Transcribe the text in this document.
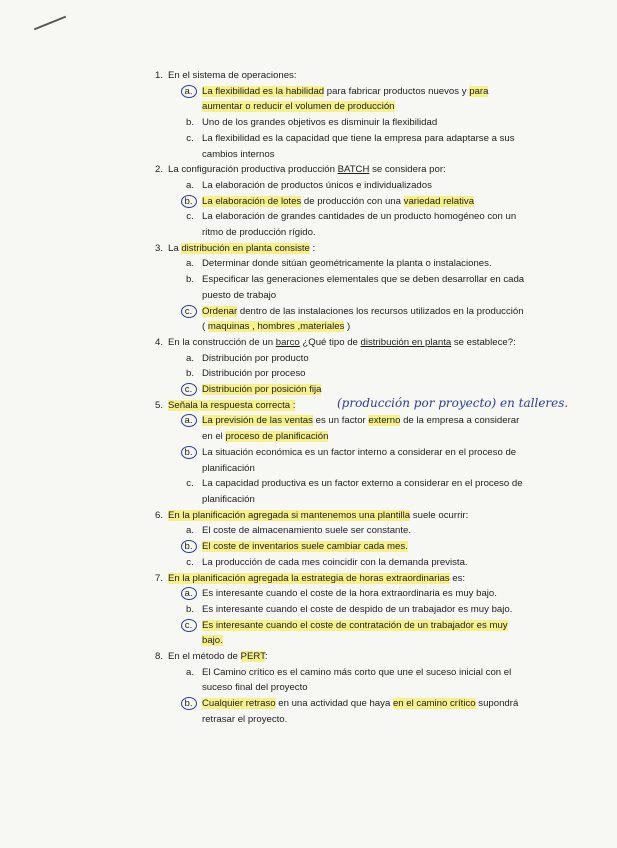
1. En el sistema de operaciones:
a. La flexibilidad es la habilidad para fabricar productos nuevos y para aumentar o reducir el volumen de producción
b. Uno de los grandes objetivos es disminuir la flexibilidad
c. La flexibilidad es la capacidad que tiene la empresa para adaptarse a sus cambios internos
2. La configuración productiva producción BATCH se considera por:
a. La elaboración de productos únicos e individualizados
b. La elaboración de lotes de producción con una variedad relativa
c. La elaboración de grandes cantidades de un producto homogéneo con un ritmo de producción rígido.
3. La distribución en planta consiste :
a. Determinar donde sitúan geométricamente la planta o instalaciones.
b. Especificar las generaciones elementales que se deben desarrollar en cada puesto de trabajo
c.	Ordenar dentro de las instalaciones los recursos utilizados en la producción ( maquinas , hombres ,materiales )
4. En la construcción de un barco ¿Qué tipo de distribución en planta se establece?:
a. Distribución por producto
b. Distribución por proceso
c.	Distribución por posición fija
5. Señala la respuesta correcta :
a. La previsión de las ventas es un factor externo de la empresa a considerar en el proceso de planificación
b. La situación económica es un factor interno a considerar en el proceso de planificación
c. La capacidad productiva es un factor externo a considerar en el proceso de planificación
6. En la planificación agregada si mantenemos una plantilla suele ocurrir:
a. El coste de almacenamiento suele ser constante.
b. El coste de inventarios suele cambiar cada mes.
c. La producción de cada mes coincidir con la demanda prevista.
7. En la planificación agregada la estrategia de horas extraordinarias es:
a. Es interesante cuando el coste de la hora extraordinaria es muy bajo.
b. Es interesante cuando el coste de despido de un trabajador es muy bajo.
c.	Es interesante cuando el coste de contratación de un trabajador es muy bajo.
8. En el método de PERT:
a. El Camino crítico es el camino más corto que une el suceso inicial con el suceso final del proyecto
b. Cualquier retraso en una actividad que haya en el camino crítico supondrá retrasar el proyecto.
(producción por proyecto) en talleres.
